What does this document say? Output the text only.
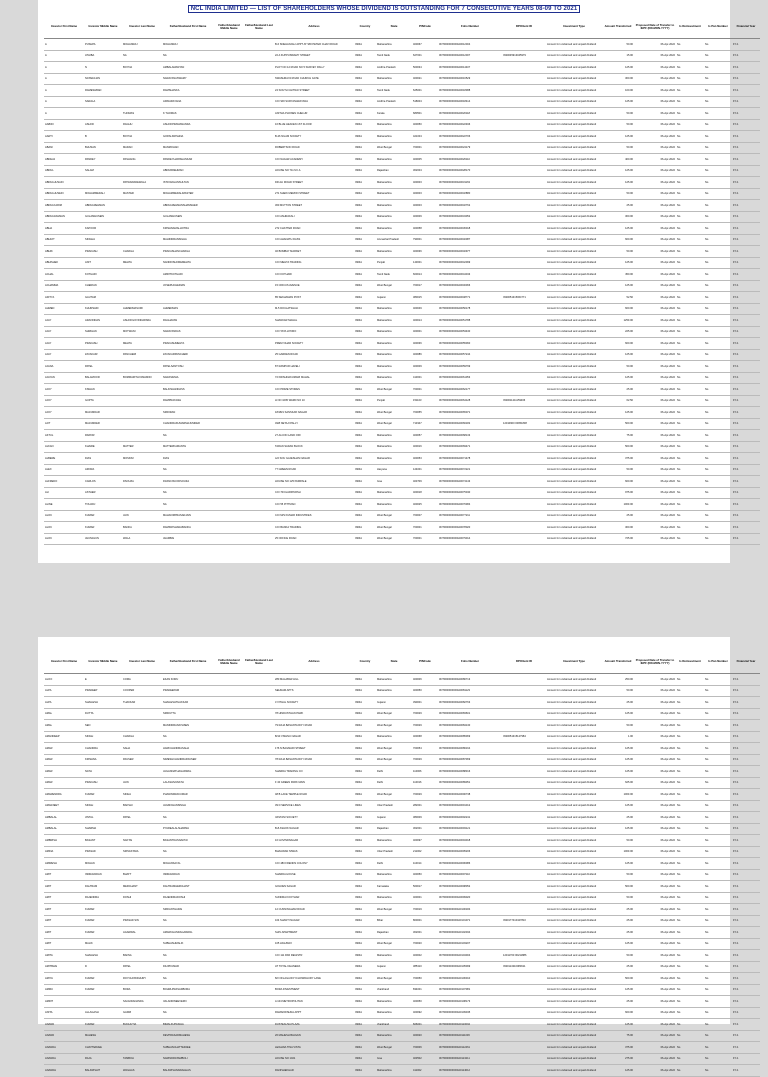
NCL INDIA LIMITED — LIST OF SHAREHOLDERS WHOSE DIVIDEND IS OUTSTANDING FOR 7 CONSECUTIVE YEARS 08-09 TO 2021
Investor First Name	Investor Middle Name	Investor Last Name	Father/Husband First Name	Father/Husband Middle Name	Father/Husband Last Name	Address	Country	State	PINCode	Folio Number	DP/Client ID	Investment Type	Amount Transferred	Proposed Date of Transfer to IEPF (DD-MON-YYYY)	Is Reinvestment	Is Pan Number	Financial Year
A	PUSHPA	MOHANRAJ	MOHANRAJ			B-6 SNEHANJALI APPT AT SBI PETER CHAVI ROAD	INDIA	Maharashtra	400067	0NT0000000000A0012004		Amount for unclaimed and unpaid dividend	50.00	06-Apr-2022	No	No	FY-1
A	ATHIBA	NA	NA			22 A KUPPUSWAMY STREET	INDIA	Tamil Nadu	627001	0NT0000000000A0012007	IN30045913045979	Amount for unclaimed and unpaid dividend	15.00	06-Apr-2022	No	No	FY-1
A	N	BOYNA	AMBALAMANTAN			PLOT NO 12 ROAD NO 5 SURVEY PALLY	INDIA	Andhra Pradesh	500034	0NT0000000000A0014407		Amount for unclaimed and unpaid dividend	125.00	06-Apr-2022	No	No	FY-1
A	NATARAJAN		NARAYANASWAMY			SWASHRAYA ROAD CHURCH GATE	INDIA	Maharashtra	400021	0NT0000000000A0016529		Amount for unclaimed and unpaid dividend	300.00	06-Apr-2022	No	No	FY-1
A	RAMESHBAD		RAMSHANKA			24 SOUTH CHITRAI STREET	INDIA	Tamil Nadu	625001	0NT0000000000A0018388		Amount for unclaimed and unpaid dividend	100.00	06-Apr-2022	No	No	FY-1
A	SARALA		ADINARAYANA			C/O SRI SURYANARAYANA	INDIA	Andhra Pradesh	518004	0NT0000000000A0018414		Amount for unclaimed and unpaid dividend	125.00	06-Apr-2022	No	No	FY-1
A		THOMAS	K THOMAS			ANITHA PHONES CHELUR	INDIA	Kerala	680501	0NT0000000000A0020118		Amount for unclaimed and unpaid dividend	50.00	06-Apr-2022	No	No	FY-1
AABIDI	ASHOK	RAGHU	ASHOKPRAMANANDA			16 BLUE HEAVEN 1ST FLOOR	INDIA	Maharashtra	400050	0NT0000000000A0022496		Amount for unclaimed and unpaid dividend	50.00	06-Apr-2022	No	No	FY-1
AARTI	B	BOYNA	GOPALKRISHNA			B-26 NILAM SOCIETY	INDIA	Maharashtra	421004	0NT0000000000A0022706		Amount for unclaimed and unpaid dividend	125.00	06-Apr-2022	No	No	FY-1
ABANI	BHUSAN	MADAN	MANMOHAN			ROBERTSON ROAD	INDIA	West Bengal	700001	0NT0000000000A0024179		Amount for unclaimed and unpaid dividend	50.00	06-Apr-2022	No	No	FY-1
ABDHAJ	PANDEY	PASHANG	PANDEYHARISHANKAR			C/O NAGAR ACADEMY	INDIA	Maharashtra	400005	0NT0000000000A0026110		Amount for unclaimed and unpaid dividend	400.00	06-Apr-2022	No	No	FY-1
ABDUL	SALAM		ABDURREHMAN			HOUSE NO 711 M.I.A	INDIA	Rajasthan	302004	0NT0000000000A0028170		Amount for unclaimed and unpaid dividend	125.00	06-Apr-2022	No	No	FY-1
ABDULHUSAIN		PATRAWADEWALA	ISTAYAKHANSULTAN			DR ALI MOHD STREET	INDIA	Maharashtra	400003	0NT0000000000A0031163		Amount for unclaimed and unpaid dividend	125.00	06-Apr-2022	No	No	FY-1
ABDULHUSEIN	MOHAMMEDALI	MASTER	MOHAMMEDALIMASTER			271 SHEIK MEMON STREET	INDIA	Maharashtra	400003	0NT0000000000A0032880		Amount for unclaimed and unpaid dividend	50.00	06-Apr-2022	No	No	FY-1
ABDULKARIM	ABDULREHMAN		ABDULREHMANSHAMSHER			360 MUTTON STREET	INDIA	Maharashtra	400003	0NT0000000000A0032762		Amount for unclaimed and unpaid dividend	25.00	06-Apr-2022	No	No	FY-1
ABDULRAHMAN	GULAMHUSEIN		GULAMHUSEIN			C/O ASHRAFALI	INDIA	Maharashtra	400009	0NT0000000000A0034052		Amount for unclaimed and unpaid dividend	300.00	06-Apr-2022	No	No	FY-1
ABHA	KAPOOR		KRISHNAMALHOTRA			272 CHATTER ROAD	INDIA	Maharashtra	400058	0NT0000000000A0036018		Amount for unclaimed and unpaid dividend	125.00	06-Apr-2022	No	No	FY-1
ABHIJIT	SINGHA		MAHINDRASINGHA			C/O AHANATH DASS	INDIA	Arunachal Pradesh	790001	0NT0000000000A0040087		Amount for unclaimed and unpaid dividend	600.00	06-Apr-2022	No	No	FY-1
ABHIK	PRAKASH	CHAWLA	PRAKASHANCHAWLA			46 BOMBAY MARKET	INDIA	Maharashtra	400036	0NT0000000000A0040977		Amount for unclaimed and unpaid dividend	50.00	06-Apr-2022	No	No	FY-1
ABHISHEK	ANIT	MEHTA	NANDKISHOREMEHTA			C/O MEHTA TRADING	INDIA	Punjab	143001	0NT0000000000A0042099		Amount for unclaimed and unpaid dividend	125.00	06-Apr-2022	No	No	FY-1
ACHAL	KOTHARI		AMRITKOTHARI			C/O KOTHARI	INDIA	Tamil Nadu	600014	0NT0000000000A0044043		Amount for unclaimed and unpaid dividend	450.00	06-Apr-2022	No	No	FY-1
ACHAMMA	CHERIAN		JOSEPHCHERIAN			15 CIRCUS AVENUE	INDIA	West Bengal	700017	0NT0000000000A0046066		Amount for unclaimed and unpaid dividend	125.00	06-Apr-2022	No	No	FY-1
ADITYA	GAUTAM					85 SEKHAMAN POST	INDIA	Gujarat	380015	0NT0000000000A0048771	IN30051315064771	Amount for unclaimed and unpaid dividend	52.50	06-Apr-2022	No	No	FY-1
AHMED	KHURSHID	AHMEDMASUMI	AHMEDMAS			M-5 DOULATSHAH	INDIA	Maharashtra	400049	0NT0000000000A0050178		Amount for unclaimed and unpaid dividend	600.00	06-Apr-2022	No	No	FY-1
AJAY	ARAVINDAN	ASHOKGOVINDAPARA	RAGHAVAN			SHANKAR MAHAL	INDIA	Maharashtra	400014	0NT0000000000A0051788		Amount for unclaimed and unpaid dividend	1250.00	06-Apr-2022	No	No	FY-1
AJAY	SHRIHAN	MOTWANI	NARAYANDAS			C/O TATA HYDRO	INDIA	Maharashtra	400001	0NT0000000000A0053430		Amount for unclaimed and unpaid dividend	225.00	06-Apr-2022	No	No	FY-1
AJAY	PRAKASH	MEHTA	PRAKASHMEHTA			PREM VIHAR SOCIETY	INDIA	Maharashtra	400036	0NT0000000000A0055060		Amount for unclaimed and unpaid dividend	600.00	06-Apr-2022	No	No	FY-1
AJAY	ZAYAKAIR	PANCHERI	ZAYAKARPANCHERI			25 GARDEN ROAD	INDIA	Maharashtra	400086	0NT0000000000A0057244		Amount for unclaimed and unpaid dividend	125.00	06-Apr-2022	No	No	FY-1
AJANA	PATEL		PATELSANTOSH			87 RAMPUR HAVELI	INDIA	Maharashtra	400009	0NT0000000000A0059799		Amount for unclaimed and unpaid dividend	50.00	06-Apr-2022	No	No	FY-1
AJAYAN	BALAMOOR	BOMMARITHYAMAMIDI	NARASIMHA			72 KRISHNAKUMARI MAHAL	INDIA	Maharashtra	413001	0NT0000000000A0061053		Amount for unclaimed and unpaid dividend	125.00	06-Apr-2022	No	No	FY-1
AJOY	KISHAN		BALKISHANDASS			C/O PRIME STORES	INDIA	West Bengal	700001	0NT0000000000A0062177		Amount for unclaimed and unpaid dividend	25.00	06-Apr-2022	No	No	FY-1
AJOY	GUPTA		RAMPRAKASH			H NO 1095 WARD NO 10	INDIA	Punjab	151103	0NT0000000000A0064128	IN30011211159466	Amount for unclaimed and unpaid dividend	62.50	06-Apr-2022	No	No	FY-1
AJOY	MAJUMDAR		SRIKIRAN			18/1B/1 SANSKAR NAGAR	INDIA	West Bengal	700055	0NT0000000000A0065071		Amount for unclaimed and unpaid dividend	125.00	06-Apr-2022	No	No	FY-1
AJIT	MAJUMDER		CHANDRAKUMARMAJUMDER			49/8 NETAJI PALLY	INDIA	West Bengal	713347	0NT0000000000A0066182	12010900 00951838	Amount for unclaimed and unpaid dividend	500.00	06-Apr-2022	No	No	FY-1
AKTUL	PAWOR		NA			27 ALCON LAND OFF	INDIA	Maharashtra	400057	0NT0000000000A0068133		Amount for unclaimed and unpaid dividend	75.00	06-Apr-2022	No	No	FY-1
ALKAN	KHAIRE	MATTER	MATTERKAMANTH			TARAN SADAN BLOCK	INDIA	Maharashtra	400016	0NT0000000000A0069471		Amount for unclaimed and unpaid dividend	500.00	06-Apr-2022	No	No	FY-1
ALBERE	DIAS	MOSKIM	DIAS			A/2 SOU GAJESHAN NAGAR	INDIA	Maharashtra	400053	0NT0000000000A0071478		Amount for unclaimed and unpaid dividend	375.00	06-Apr-2022	No	No	FY-1
ALEX	ARORA		NA			77 GREEN ROAD	INDIA	Haryana	124001	0NT0000000000A0072221		Amount for unclaimed and unpaid dividend	50.00	06-Apr-2022	No	No	FY-1
ALFREDO	CARLOS	DSOUZA	FRANCISCODSOUZA			HOUSE NO 125 PAMPALE	INDIA	Goa	403709	0NT0000000000A0074143		Amount for unclaimed and unpaid dividend	600.00	06-Apr-2022	No	No	FY-1
ALI	ASTHER		NA			C/O 703 HARIPURSH	INDIA	Maharashtra	400018	0NT0000000000A0075040		Amount for unclaimed and unpaid dividend	975.00	06-Apr-2022	No	No	FY-1
ALINE	TOUADJ		NA			C/O 55 PITTMAN	INDIA	Maharashtra	400025	0NT0000000000A0076384		Amount for unclaimed and unpaid dividend	1000.00	06-Apr-2022	No	No	FY-1
ALOK	KUMAR	JAIN	MAHAVIRPRASADJAIN			C/O M/S KUMAR INDUSTRIES	INDIA	West Bengal	700007	0NT0000000000A0077211		Amount for unclaimed and unpaid dividend	25.00	06-Apr-2022	No	No	FY-1
ALOK	KUMAR	BANKA	RAMKRISHANABANKA			C/O BANKA TRADING	INDIA	West Bengal	700001	0NT0000000000A0078020		Amount for unclaimed and unpaid dividend	300.00	06-Apr-2022	No	No	FY-1
ALOK	JHUNJHUN	WALA	JHAMBAI			25 OFFICE ROAD	INDIA	West Bengal	700001	0NT0000000000A0079014		Amount for unclaimed and unpaid dividend	725.00	06-Apr-2022	No	No	FY-1
Investor First Name	Investor Middle Name	Investor Last Name	Father/Husband First Name	Father/Husband Middle Name	Father/Husband Last Name	Address	Country	State	PINCode	Folio Number	DP/Client ID	Investment Type	Amount Transferred	Proposed Date of Transfer to IEPF (DD-MON-YYYY)	Is Reinvestment	Is Pan Number	Financial Year
ALOO	E	COMA	EKAN KORU			280 MALABAR HILL	INDIA	Maharashtra	400006	0NT0000000000A0080713		Amount for unclaimed and unpaid dividend	250.00	06-Apr-2022	No	No	FY-1
ALPA	PRADEEP	COOPER	PRADEEPAM			SEHNAM APTS	INDIA	Maharashtra	400050	0NT0000000000A0081123		Amount for unclaimed and unpaid dividend	50.00	06-Apr-2022	No	No	FY-1
ALPA	SHAILESH	THAKKAR	SHAILESHTHAKKAR			3 VITHAL SOCIETY	INDIA	Gujarat	390001	0NT0000000000A0082763		Amount for unclaimed and unpaid dividend	25.00	06-Apr-2022	No	No	FY-1
AMAL	DUTTA		SRIDUTTA			78 HINDUSTHAN PARK	INDIA	West Bengal	700029	0NT0000000000A0083601		Amount for unclaimed and unpaid dividend	125.00	06-Apr-2022	No	No	FY-1
AMAL	SEN		MANINDRANATHSEN			79 RAJA BASANTA ROY ROAD	INDIA	West Bengal	700029	0NT0000000000A0084130		Amount for unclaimed and unpaid dividend	50.00	06-Apr-2022	No	No	FY-1
AMANDEEP	SINGH	CHAWLA	NA			B/13 VISHNU NAGAR	INDIA	Maharashtra	400068	0NT0000000000A0085069	IN30051315127984	Amount for unclaimed and unpaid dividend	1.00	06-Apr-2022	No	No	FY-1
AMAR	CHANDRA	SAHA	HARICHANDRASAHA			176 N BAGMARI STREET	INDIA	West Bengal	700054	0NT0000000000A0086164		Amount for unclaimed and unpaid dividend	125.00	06-Apr-2022	No	No	FY-1
AMAR	KRISHNA	PAUSER	NIMESHCHANDRAPAUSER			78 RAJA BASANTA ROY ROAD	INDIA	West Bengal	700029	0NT0000000000A0087069		Amount for unclaimed and unpaid dividend	125.00	06-Apr-2022	No	No	FY-1
AMAR	NATH		JAGANNATHAGARWAL			SHARDA TRADING CO	INDIA	Delhi	110006	0NT0000000000A0088316		Amount for unclaimed and unpaid dividend	125.00	06-Apr-2022	No	No	FY-1
AMAR	PRAKASH	JAIN	LALASHIVANATH			F 40 GREEN PARK MAIN	INDIA	Delhi	110016	0NT0000000000A0089051		Amount for unclaimed and unpaid dividend	625.00	06-Apr-2022	No	No	FY-1
AMARENDRA	KUMAR	SINHA	PHANINDRAKUMAR			48 B LAKE TEMPLE ROAD	INDIA	West Bengal	700029	0NT0000000000A0090738		Amount for unclaimed and unpaid dividend	1000.00	06-Apr-2022	No	No	FY-1
AMARJEET	SINGH	BAKSHI	JAGMOHANSINGH			39 D SERVICE LINES	INDIA	Uttar Pradesh	282001	0NT0000000000A0091012		Amount for unclaimed and unpaid dividend	125.00	06-Apr-2022	No	No	FY-1
AMBALAL	JINTAL	PATEL	NA			VASTANI SOCIETY	INDIA	Gujarat	380009	0NT0000000000A0092241		Amount for unclaimed and unpaid dividend	25.00	06-Apr-2022	No	No	FY-1
AMBALAL	SHARMA		PYAREALALSHARMA			B-8 ASHOK NAGAR	INDIA	Rajasthan	302001	0NT0000000000A0093121		Amount for unclaimed and unpaid dividend	125.00	06-Apr-2022	No	No	FY-1
AMBRISH	BASANT	NAKTAI	BASANTDASNAKTAI			16 GOVINDNAGAR	INDIA	Maharashtra	400097	0NT0000000000A0094018		Amount for unclaimed and unpaid dividend	50.00	06-Apr-2022	No	No	FY-1
AMINA	PRASAD	SRIVASTAVA	NA			BHAGWAN NIWAS	INDIA	Uttar Pradesh	211002	0NT0000000000A0095206		Amount for unclaimed and unpaid dividend	1000.00	06-Apr-2022	No	No	FY-1
AMIRESH	MOHAN		MOHANSAYAL			C/O 480 FRENDS COLONY	INDIA	Delhi	110014	0NT0000000000A0096086		Amount for unclaimed and unpaid dividend	125.00	06-Apr-2022	No	No	FY-1
AMIT	INDRAVADAN	BHATT	INDRAVADAN			SHARDA HOUSE	INDIA	Maharashtra	400050	0NT0000000000A0097110		Amount for unclaimed and unpaid dividend	50.00	06-Apr-2022	No	No	FY-1
AMIT	DALTRAM	MERCHANT	DALTRAMHERCHANT			GOLDEN SAGAR	INDIA	Karnataka	560017	0NT0000000000A0098052		Amount for unclaimed and unpaid dividend	500.00	06-Apr-2022	No	No	FY-1
AMIT	RAJENDRA	DOSHI	RAJENDRADOSHI			SUNDRA KOOTHAR	INDIA	Maharashtra	400001	0NT0000000000A0099020		Amount for unclaimed and unpaid dividend	50.00	06-Apr-2022	No	No	FY-1
AMIT	KUMAR		SRIKANTHARAI			12 CUNNINGHAM ROAD	INDIA	West Bengal	700019	0NT0000000000A0100184		Amount for unclaimed and unpaid dividend	25.00	06-Apr-2022	No	No	FY-1
AMIT	KUMAR	PRASAD SIN	NA			104 SHANTI NAGAR	INDIA	Bihar	800001	0NT0000000000A0101071	IN30177410427810	Amount for unclaimed and unpaid dividend	25.00	06-Apr-2022	No	No	FY-1
AMIT	KUMAR	AGARWAL	AMARCHANDAGARWAL			SHIV APARTMENT	INDIA	Rajasthan	302001	0NT0000000000A0102034		Amount for unclaimed and unpaid dividend	25.00	06-Apr-2022	No	No	FY-1
AMIT	MALIK		SUBHASHMALIK			105 HIGHWAY	INDIA	West Bengal	700020	0NT0000000000A0103207		Amount for unclaimed and unpaid dividend	125.00	06-Apr-2022	No	No	FY-1
AMITA	SHAILESH	BAFNA	NA			C/O 111 PAR REGISTR	INDIA	Maharashtra	400002	0NT0000000000A0104004	12011700 00211886	Amount for unclaimed and unpaid dividend	50.00	06-Apr-2022	No	No	FY-1
AMITBHAI	D	PATEL	DILIPKUMAR			AT TOTAL DHANERA	INDIA	Gujarat	385310	0NT0000000000A0105099	IN30114310083911	Amount for unclaimed and unpaid dividend	25.00	06-Apr-2022	No	No	FY-1
AMIYA	KUMAR	ROYCHOWDHURY	NA			8/3 OFLAGA ROYCHOWDHURY LANE	INDIA	West Bengal	700050	0NT0000000000A0106010		Amount for unclaimed and unpaid dividend	500.00	06-Apr-2022	No	No	FY-1
AMMU	KUMAR	BORA	BOHRLPRASADBORA			BORA INVESTMENT	INDIA	Jharkhand	834001	0NT0000000000A0107081		Amount for unclaimed and unpaid dividend	125.00	06-Apr-2022	No	No	FY-1
AMRIT		SACHIDANANDA	VALANDINEEVERN			A 104 METROPOLITAN	INDIA	Maharashtra	400050	0NT0000000000A0108173		Amount for unclaimed and unpaid dividend	25.00	06-Apr-2022	No	No	FY-1
ANITA	ALLAGASH	GADRI	NA			RAMAKRISHNA APPT	INDIA	Maharashtra	400092	0NT0000000000A0109045		Amount for unclaimed and unpaid dividend	600.00	06-Apr-2022	No	No	FY-1
ANAND	KUMAR	BUCHUTIA	BIMALKUPASIHA			DUSTEAUSA PLAZA	INDIA	Jharkhand	826001	0NT0000000000A0110094		Amount for unclaimed and unpaid dividend	125.00	06-Apr-2022	No	No	FY-1
ANAND	MAHESH		DEVPRASADMAHESH			26 MAHESH BHAVAN	INDIA	Maharashtra	400020	0NT0000000000A0111036		Amount for unclaimed and unpaid dividend	75.00	06-Apr-2022	No	No	FY-1
ANANDA	CHATTERJEE		SUBHASCHATTERJEE			LEIGHNA TINA VISTA	INDIA	West Bengal	700006	0NT0000000000A0112461		Amount for unclaimed and unpaid dividend	375.00	06-Apr-2022	No	No	FY-1
ANANDA	RAJA	TAMBOLI	NARINDRATAMBOLI			HOUSE NO 1021	INDIA	Goa	403502	0NT0000000000A0113211		Amount for unclaimed and unpaid dividend	275.00	06-Apr-2022	No	No	FY-1
ANANDH	BALKRISHIT	WAGHAS	BALKRISHNAWAGHAS			RANISHEKHAR	INDIA	Maharashtra	411002	0NT0000000000A0114012		Amount for unclaimed and unpaid dividend	125.00	06-Apr-2022	No	No	FY-1
